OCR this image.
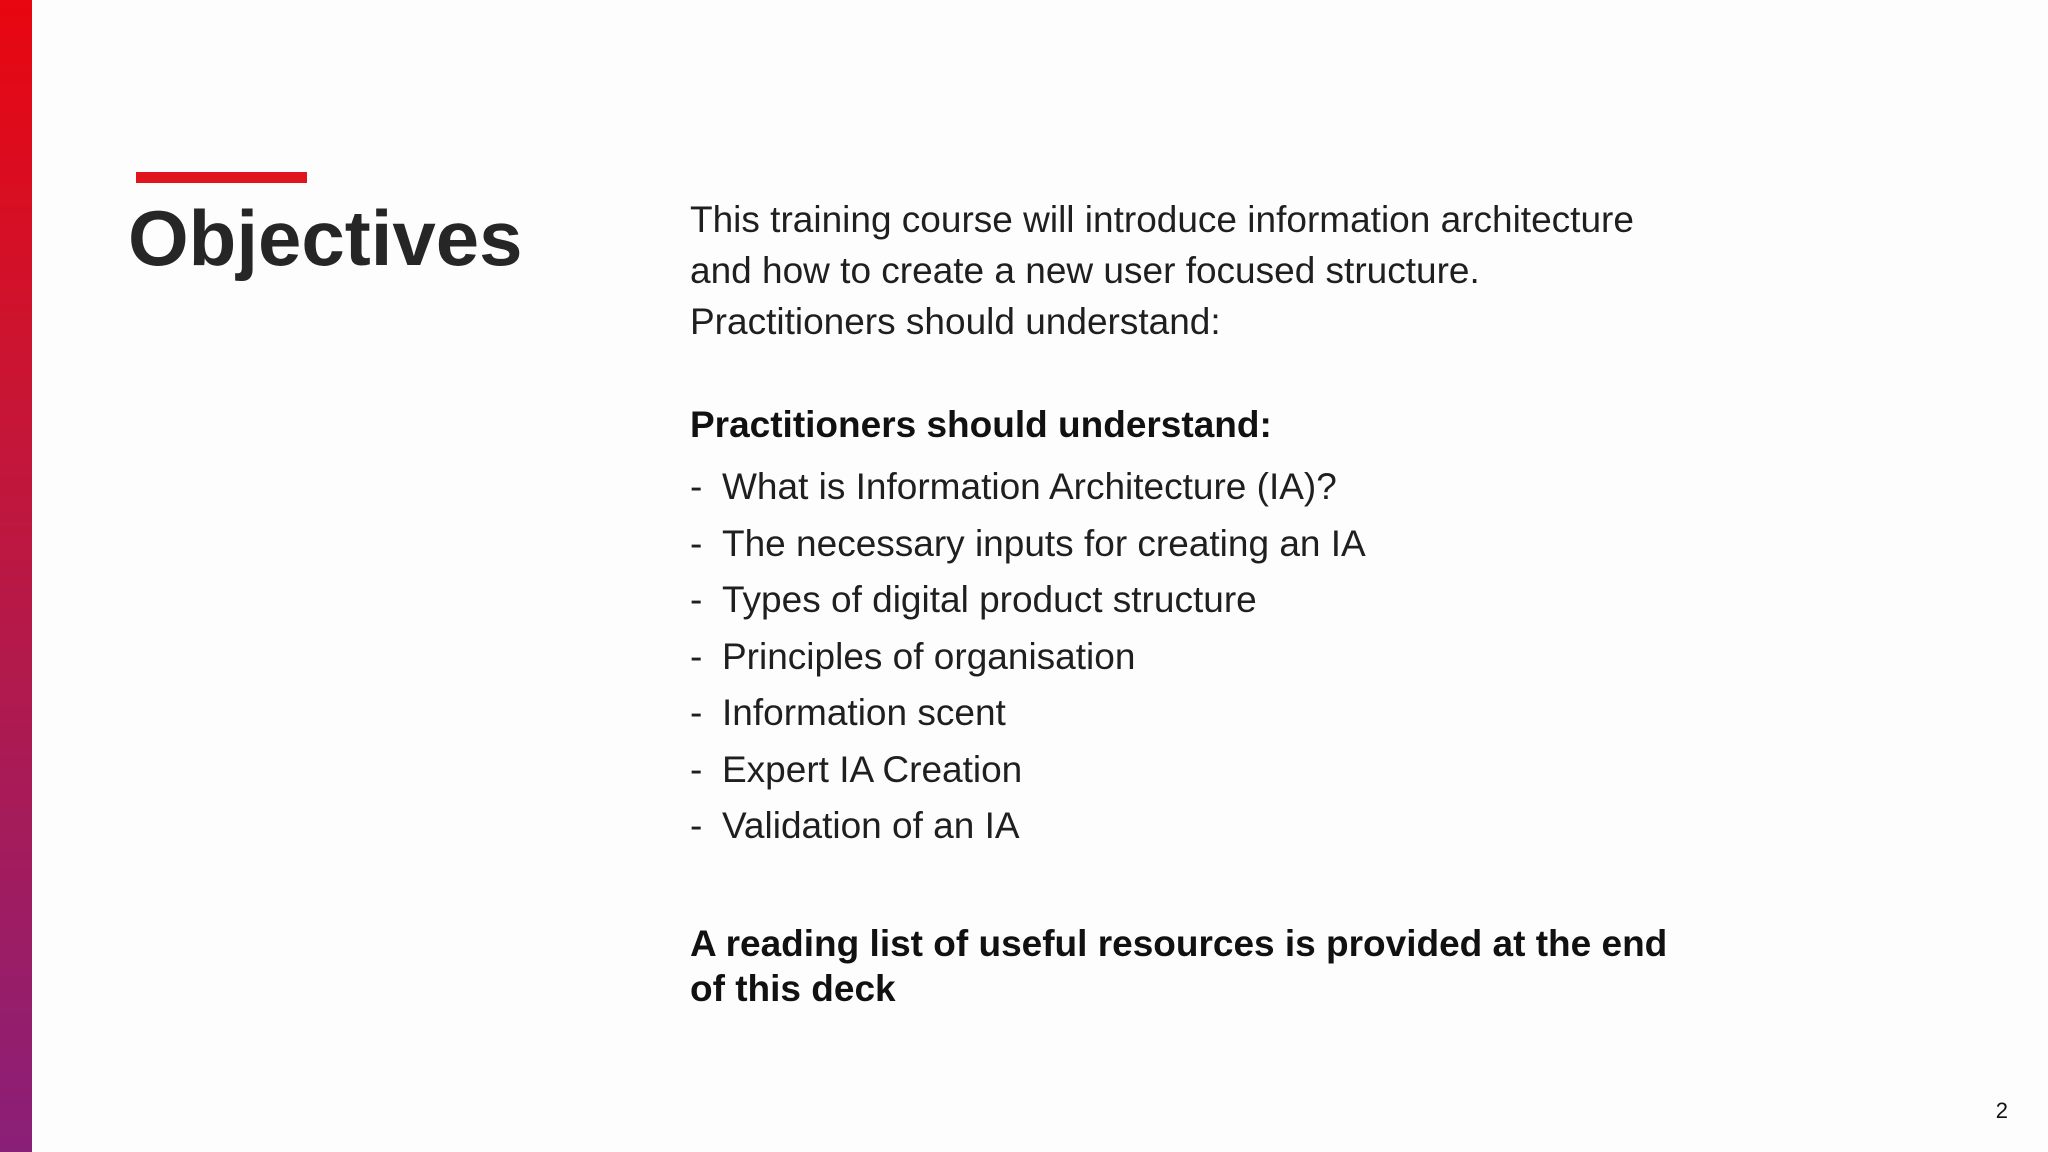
Objectives	This training course will introduce information architecture
and how to create a new user focused structure.
Practitioners should understand:

Practitioners should understand:
- What is Information Architecture (IA)?
- The necessary inputs for creating an IA
- Types of digital product structure
- Principles of organisation
- Information scent
- Expert IA Creation
- Validation of an IA

A reading list of useful resources is provided at the end of this deck

2
